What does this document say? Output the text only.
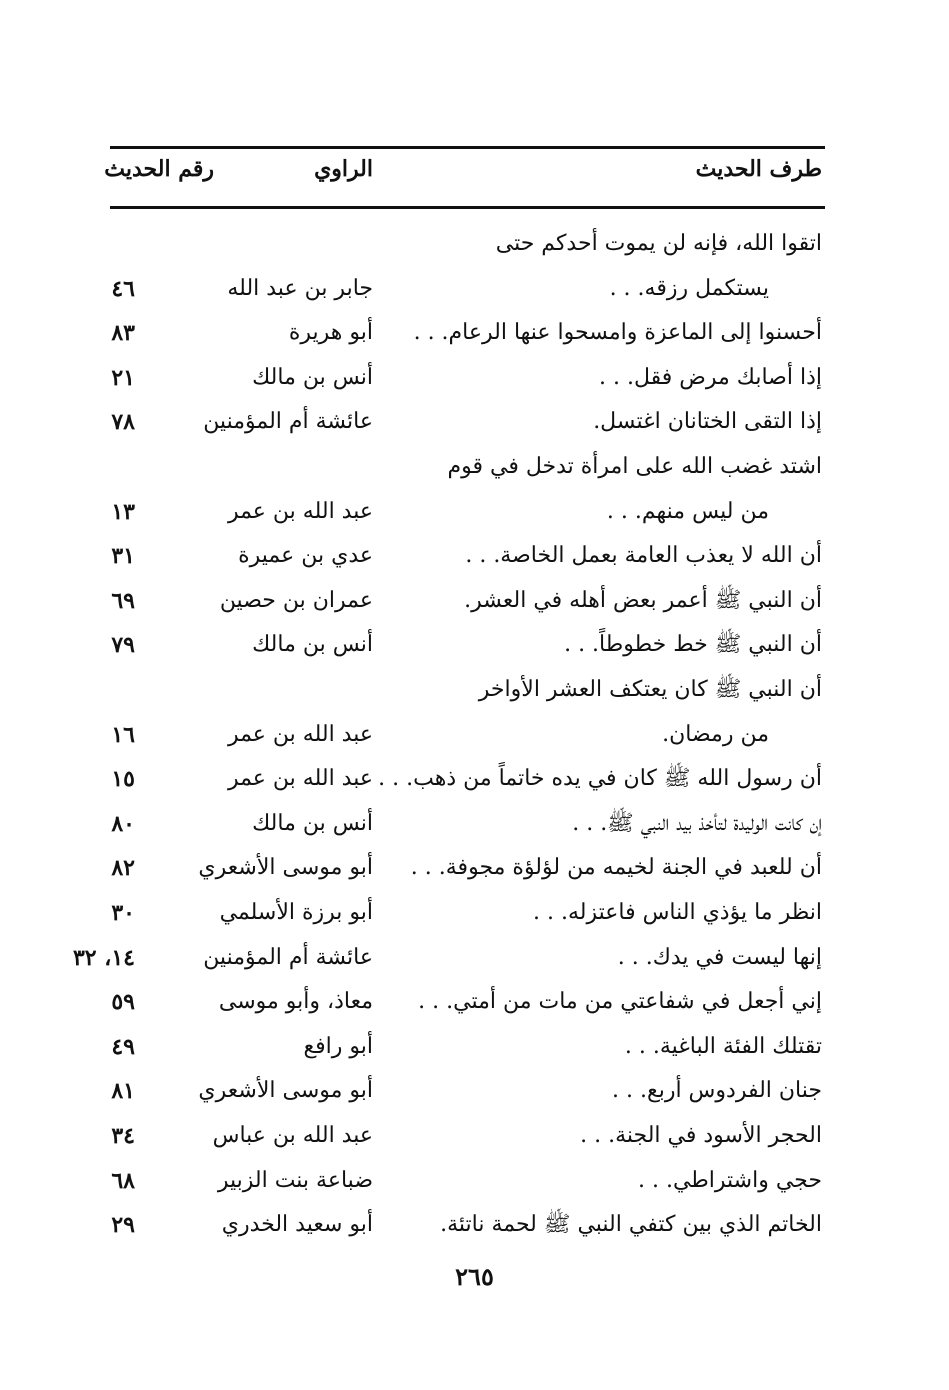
طرف الحديث
الراوي
رقم الحديث
اتقوا الله، فإنه لن يموت أحدكم حتى
يستكمل رزقه. . .
جابر بن عبد الله
٤٦
أحسنوا إلى الماعزة وامسحوا عنها الرعام. . .
أبو هريرة
٨٣
إذا أصابك مرض فقل. . .
أنس بن مالك
٢١
إذا التقى الختانان اغتسل.
عائشة أم المؤمنين
٧٨
اشتد غضب الله على امرأة تدخل في قوم
من ليس منهم. . .
عبد الله بن عمر
١٣
أن الله لا يعذب العامة بعمل الخاصة. . .
عدي بن عميرة
٣١
أن النبي ﷺ أعمر بعض أهله في العشر.
عمران بن حصين
٦٩
أن النبي ﷺ خط خطوطاً. . .
أنس بن مالك
٧٩
أن النبي ﷺ كان يعتكف العشر الأواخر
من رمضان.
عبد الله بن عمر
١٦
أن رسول الله ﷺ كان في يده خاتماً من ذهب. . .
عبد الله بن عمر
١٥
إن كانت الوليدة لتأخذ بيد النبي ﷺ. . .
أنس بن مالك
٨٠
أن للعبد في الجنة لخيمه من لؤلؤة مجوفة. . .
أبو موسى الأشعري
٨٢
انظر ما يؤذي الناس فاعتزله. . .
أبو برزة الأسلمي
٣٠
إنها ليست في يدك. . .
عائشة أم المؤمنين
١٤، ٣٢
إني أجعل في شفاعتي من مات من أمتي. . .
معاذ، وأبو موسى
٥٩
تقتلك الفئة الباغية. . .
أبو رافع
٤٩
جنان الفردوس أربع. . .
أبو موسى الأشعري
٨١
الحجر الأسود في الجنة. . .
عبد الله بن عباس
٣٤
حجي واشتراطي. . .
ضباعة بنت الزبير
٦٨
الخاتم الذي بين كتفي النبي ﷺ لحمة ناتئة.
أبو سعيد الخدري
٢٩
٢٦٥
